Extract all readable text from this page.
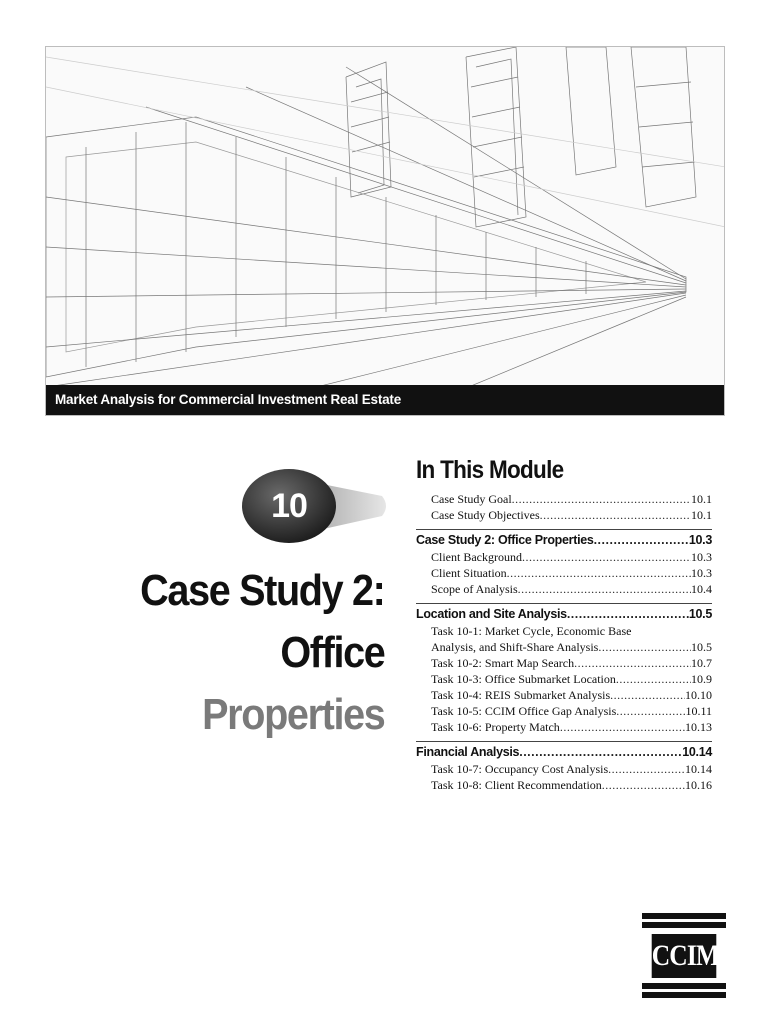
Market Analysis for Commercial Investment Real Estate
10
Case Study 2:
Office
Properties
In This Module
Case Study Goal .....	10.1
Case Study Objectives .....	10.1
Case Study 2: Office Properties .....	10.3
Client Background .....	10.3
Client Situation .....	10.3
Scope of Analysis .....	10.4
Location and Site Analysis .....	10.5
Task 10-1: Market Cycle, Economic Base
Analysis, and Shift-Share Analysis .....	10.5
Task 10-2: Smart Map Search .....	10.7
Task 10-3: Office Submarket Location .....	10.9
Task 10-4: REIS Submarket Analysis .....	10.10
Task 10-5: CCIM Office Gap Analysis .....	10.11
Task 10-6: Property Match .....	10.13
Financial Analysis .....	10.14
Task 10-7: Occupancy Cost Analysis .....	10.14
Task 10-8: Client Recommendation .....	10.16
CCIM
